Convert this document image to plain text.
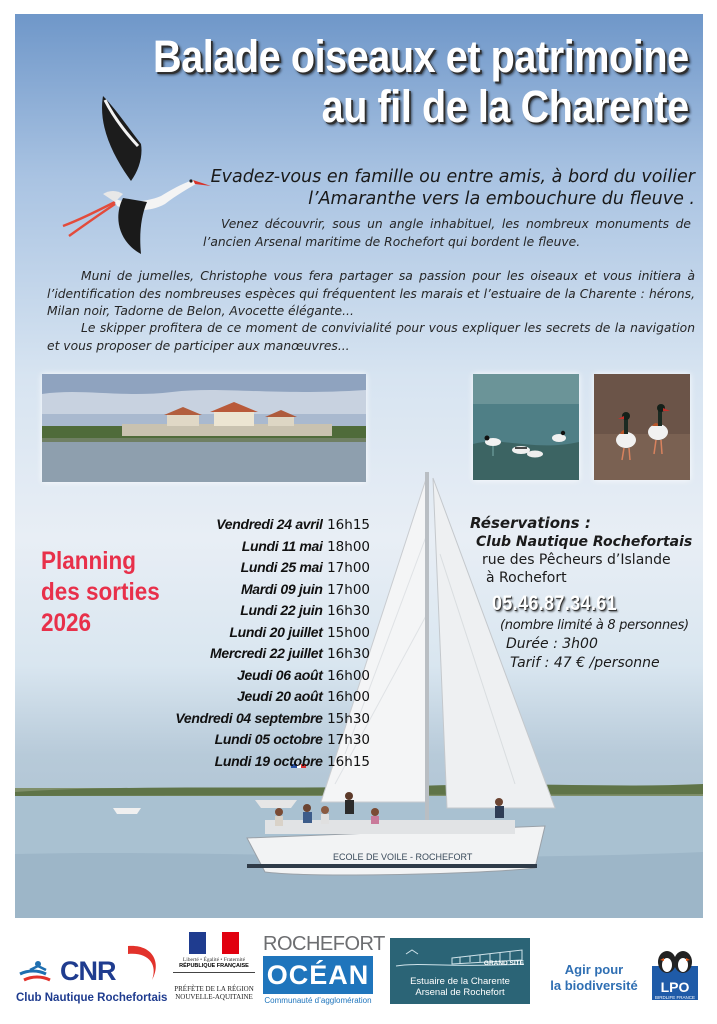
Balade oiseaux et patrimoine
au fil de la Charente
Evadez-vous en famille ou entre amis, à bord du voilier
l’Amaranthe vers la embouchure du fleuve .

Venez découvrir, sous un angle inhabituel, les nombreux monuments de l’ancien Arsenal maritime de Rochefort qui bordent le fleuve.

Muni de jumelles, Christophe vous fera partager sa passion pour les oiseaux et vous initiera à l’identification des nombreuses espèces qui fréquentent les marais et l’estuaire de la Charente : hérons, Milan noir, Tadorne de Belon, Avocette élégante...

Le skipper profitera de ce moment de convivialité pour vous expliquer les secrets de la navigation et vous proposer de participer aux manœuvres...

ECOLE DE VOILE - ROCHEFORT
Planning
des sorties
2026
Vendredi 24 avril 16h15
Lundi 11 mai 18h00
Lundi 25 mai 17h00
Mardi 09 juin 17h00
Lundi 22 juin 16h30
Lundi 20 juillet 15h00
Mercredi 22 juillet 16h30
Jeudi 06 août 16h00
Jeudi 20 août 16h00
Vendredi 04 septembre 15h30
Lundi 05 octobre 17h30
Lundi 19 octobre 16h15
Réservations :
Club Nautique Rochefortais
rue des Pêcheurs d’Islande
à Rochefort
05.46.87.34.61
(nombre limité à 8 personnes)
Durée : 3h00
Tarif : 47 € /personne
CNR
Club Nautique Rochefortais
Liberté • Égalité • Fraternité
RÉPUBLIQUE FRANÇAISE
PRÉFÈTE DE LA RÉGION NOUVELLE-AQUITAINE
ROCHEFORT
OCÉAN
Communauté d’agglomération
GRAND SITE
Estuaire de la Charente
Arsenal de Rochefort
Agir pour
la biodiversité	LPO
BIRDLIFE FRANCE
